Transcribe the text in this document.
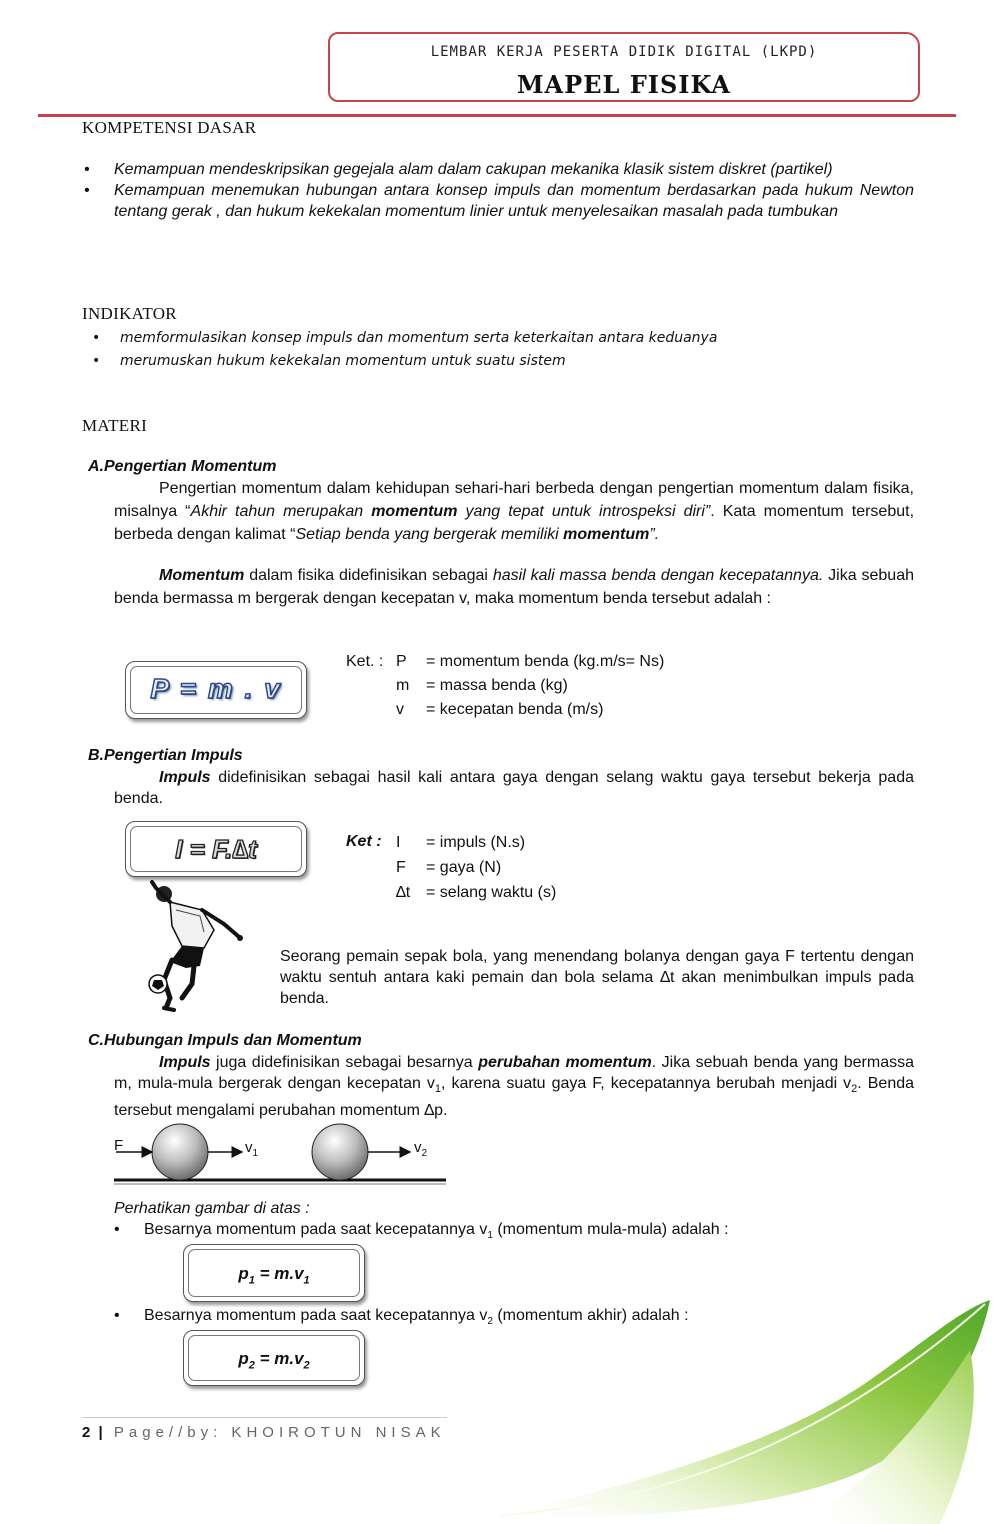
LEMBAR KERJA PESERTA DIDIK DIGITAL (LKPD)
MAPEL FISIKA
KOMPETENSI DASAR
• Kemampuan mendeskripsikan gegejala alam dalam cakupan mekanika klasik sistem diskret (partikel)
• Kemampuan menemukan hubungan antara konsep impuls dan momentum berdasarkan pada hukum Newton tentang gerak , dan hukum kekekalan momentum linier untuk menyelesaikan masalah pada tumbukan
INDIKATOR
• memformulasikan konsep impuls dan momentum serta keterkaitan antara keduanya
• merumuskan hukum kekekalan momentum untuk suatu sistem
MATERI
A.Pengertian Momentum
Pengertian momentum dalam kehidupan sehari-hari berbeda dengan pengertian momentum dalam fisika, misalnya “Akhir tahun merupakan momentum yang tepat untuk introspeksi diri”. Kata momentum tersebut, berbeda dengan kalimat “Setiap benda yang bergerak memiliki momentum”.
Momentum dalam fisika didefinisikan sebagai hasil kali massa benda dengan kecepatannya. Jika sebuah benda bermassa m bergerak dengan kecepatan v, maka momentum benda tersebut adalah :
P = m . v
Ket. : P	= momentum benda (kg.m/s= Ns)
m	= massa benda (kg)
v	= kecepatan benda (m/s)
B.Pengertian Impuls
Impuls didefinisikan sebagai hasil kali antara gaya dengan selang waktu gaya tersebut bekerja pada benda.
I = F.∆t	Ket : I	= impuls (N.s)
F	= gaya (N)
∆t	= selang waktu (s)
Seorang pemain sepak bola, yang menendang bolanya dengan gaya F tertentu dengan waktu sentuh antara kaki pemain dan bola selama ∆t akan menimbulkan impuls pada benda.
C.Hubungan Impuls dan Momentum
Impuls juga didefinisikan sebagai besarnya perubahan momentum. Jika sebuah benda yang bermassa m, mula-mula bergerak dengan kecepatan $v_1$, karena suatu gaya F, kecepatannya berubah menjadi $v_2$. Benda tersebut mengalami perubahan momentum ∆p.
F	$v_1$	$v_2$
Perhatikan gambar di atas :
• Besarnya momentum pada saat kecepatannya $v_1$ (momentum mula-mula) adalah :
$p_1 = m.v_1$
• Besarnya momentum pada saat kecepatannya $v_2$ (momentum akhir) adalah :
$p_2 = m.v_2$
2 | Page//by: KHOIROTUN NISAK
